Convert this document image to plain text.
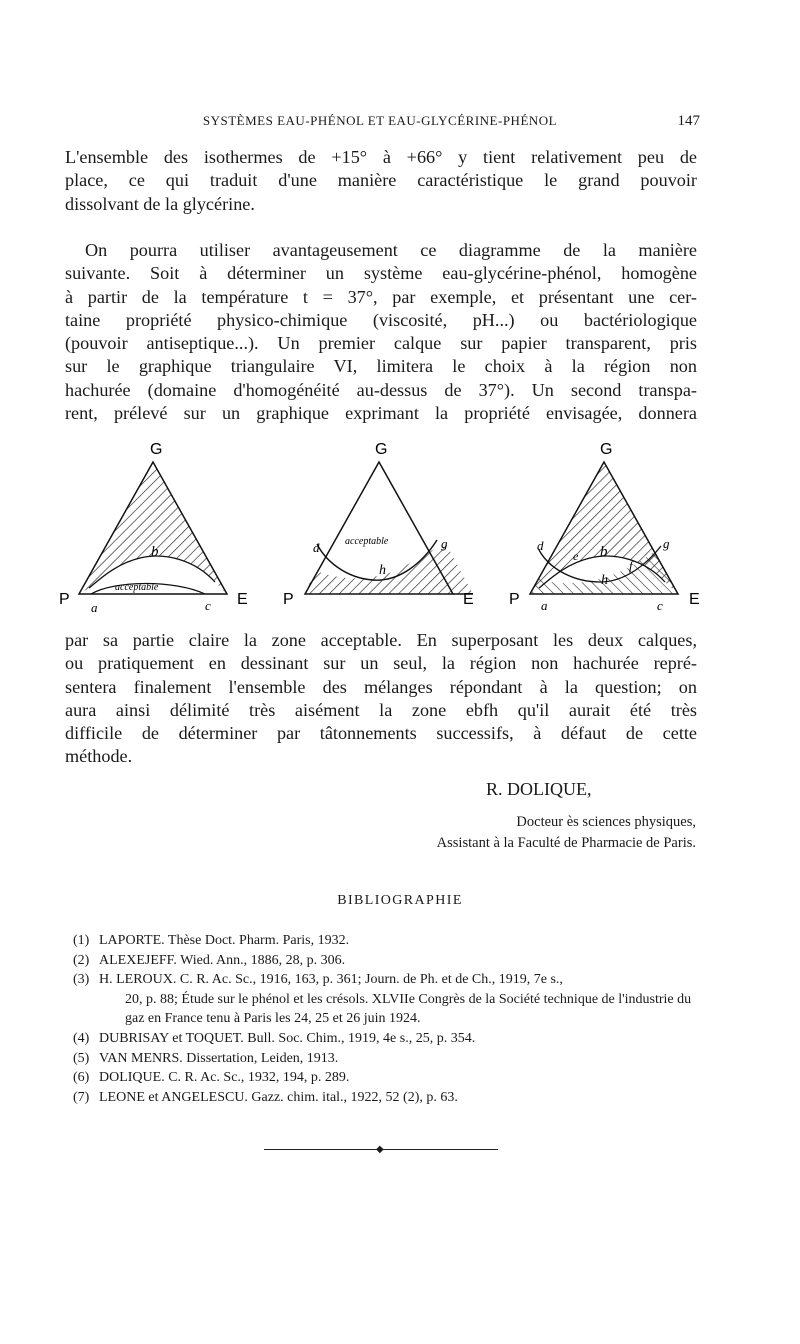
SYSTÈMES EAU-PHÉNOL ET EAU-GLYCÉRINE-PHÉNOL	147

L'ensemble des isothermes de +15° à +66° y tient relativement peu de
place, ce qui traduit d'une manière caractéristique le grand pouvoir
dissolvant de la glycérine.

On pourra utiliser avantageusement ce diagramme de la manière
suivante. Soit à déterminer un système eau-glycérine-phénol, homogène
à partir de la température t = 37°, par exemple, et présentant une cer-
taine propriété physico-chimique (viscosité, pH...) ou bactériologique
(pouvoir antiseptique...). Un premier calque sur papier transparent, pris
sur le graphique triangulaire VI, limitera le choix à la région non
hachurée (domaine d'homogénéité au-dessus de 37°). Un second transpa-
rent, prélevé sur un graphique exprimant la propriété envisagée, donnera

G
P	E
a	c
b
acceptable
G
P	E
d	g
h
acceptable
G
P	E
a	c
d
e b
f
g
h

par sa partie claire la zone acceptable. En superposant les deux calques,
ou pratiquement en dessinant sur un seul, la région non hachurée repré-
sentera finalement l'ensemble des mélanges répondant à la question; on
aura ainsi délimité très aisément la zone ebfh qu'il aurait été très
difficile de déterminer par tâtonnements successifs, à défaut de cette
méthode.

R. DOLIQUE,
Docteur ès sciences physiques,
Assistant à la Faculté de Pharmacie de Paris.
BIBLIOGRAPHIE
(1) LAPORTE. Thèse Doct. Pharm. Paris, 1932.
(2) ALEXEJEFF. Wied. Ann., 1886, 28, p. 306.
(3) H. LEROUX. C. R. Ac. Sc., 1916, 163, p. 361; Journ. de Ph. et de Ch., 1919, 7e s.,
20, p. 88; Étude sur le phénol et les crésols. XLVIIe Congrès de la Société technique de l'industrie du gaz en France tenu à Paris les 24, 25 et 26 juin 1924.
(4) DUBRISAY et TOQUET. Bull. Soc. Chim., 1919, 4e s., 25, p. 354.
(5) VAN MENRS. Dissertation, Leiden, 1913.
(6) DOLIQUE. C. R. Ac. Sc., 1932, 194, p. 289.
(7) LEONE et ANGELESCU. Gazz. chim. ital., 1922, 52 (2), p. 63.
◆
